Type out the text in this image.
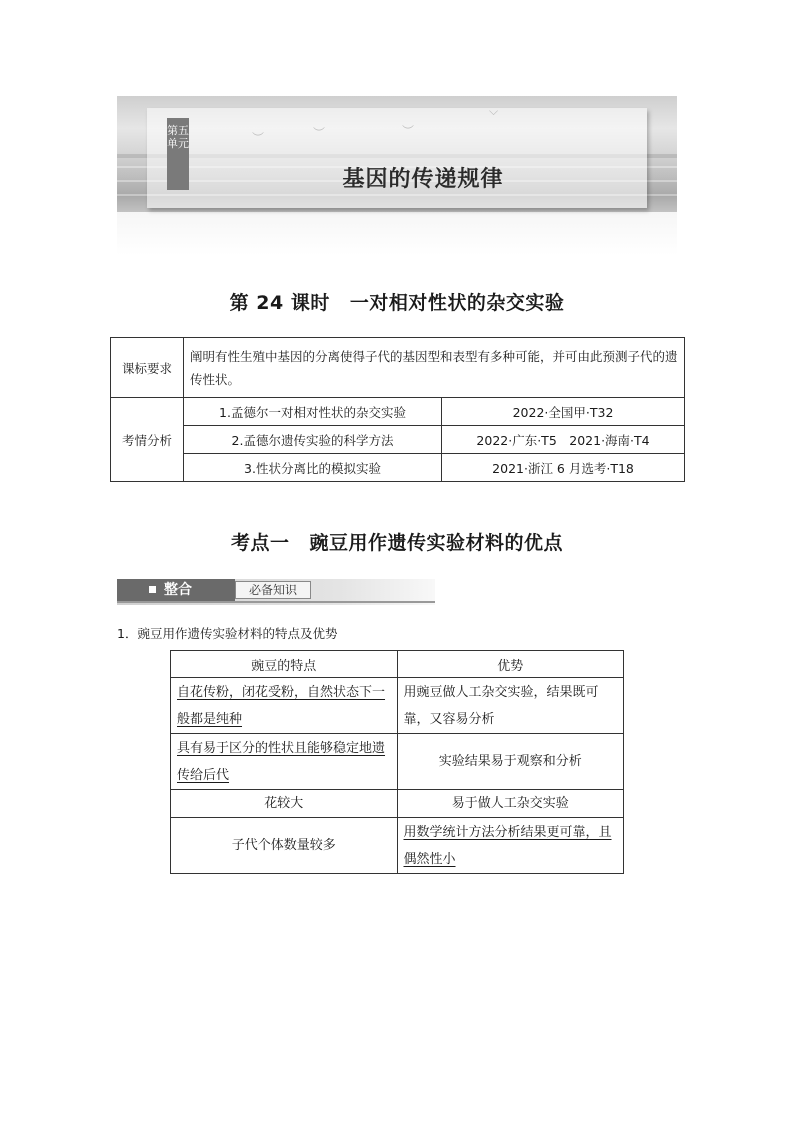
第五单元
基因的传递规律
第 24 课时 一对相对性状的杂交实验
课标要求	阐明有性生殖中基因的分离使得子代的基因型和表型有多种可能，并可由此预测子代的遗传性状。	
考情分析	1.孟德尔一对相对性状的杂交实验	2022·全国甲·T32
	2.孟德尔遗传实验的科学方法	2022·广东·T5　2021·海南·T4
	3.性状分离比的模拟实验	2021·浙江 6 月选考·T18
考点一 豌豆用作遗传实验材料的优点
整合	必备知识
1．豌豆用作遗传实验材料的特点及优势
豌豆的特点	优势
自花传粉，闭花受粉，自然状态下一般都是纯种	用豌豆做人工杂交实验，结果既可靠，又容易分析
具有易于区分的性状且能够稳定地遗传给后代	实验结果易于观察和分析
花较大	易于做人工杂交实验
子代个体数量较多	用数学统计方法分析结果更可靠，且偶然性小
